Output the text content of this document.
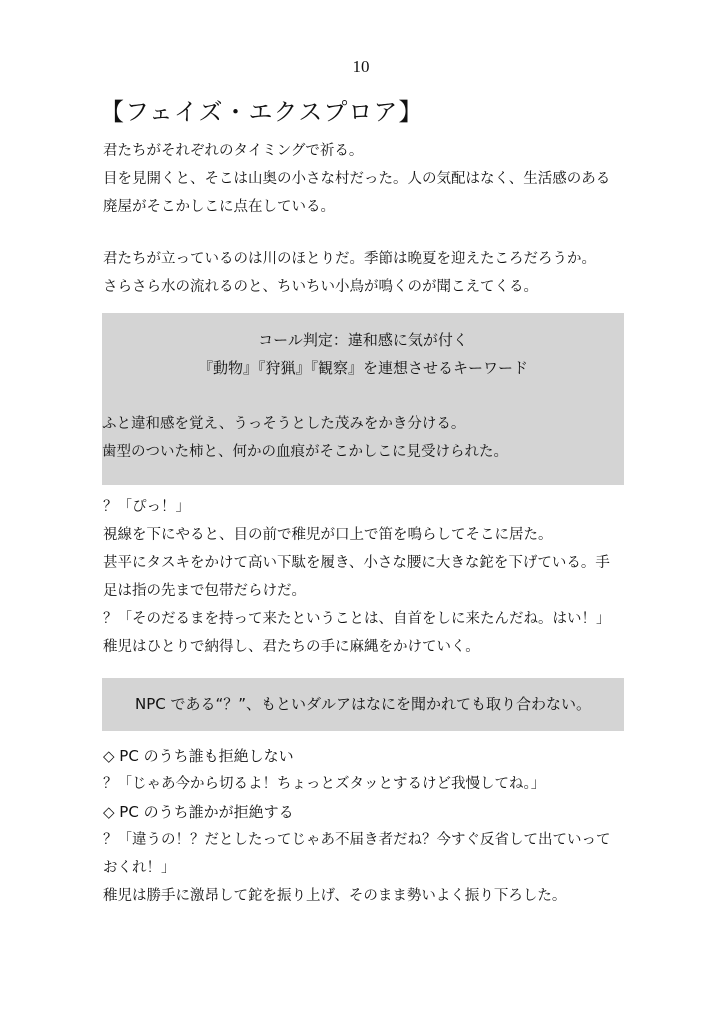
10
【フェイズ・エクスプロア】

君たちがそれぞれのタイミングで祈る。

目を見開くと、そこは山奥の小さな村だった。人の気配はなく、生活感のある

廃屋がそこかしこに点在している。

君たちが立っているのは川のほとりだ。季節は晩夏を迎えたころだろうか。

さらさら水の流れるのと、ちいちい小鳥が鳴くのが聞こえてくる。

コール判定：違和感に気が付く

『動物』『狩猟』『観察』を連想させるキーワード

ふと違和感を覚え、うっそうとした茂みをかき分ける。

歯型のついた柿と、何かの血痕がそこかしこに見受けられた。

？「ぴっ！」

視線を下にやると、目の前で稚児が口上で笛を鳴らしてそこに居た。

甚平にタスキをかけて高い下駄を履き、小さな腰に大きな鉈を下げている。手

足は指の先まで包帯だらけだ。

？「そのだるまを持って来たということは、自首をしに来たんだね。はい！」

稚児はひとりで納得し、君たちの手に麻縄をかけていく。

NPC である“？”、もといダルアはなにを聞かれても取り合わない。

◇ PC のうち誰も拒絶しない

？「じゃあ今から切るよ！ちょっとズタッとするけど我慢してね。」

◇ PC のうち誰かが拒絶する

？「違うの！？だとしたってじゃあ不届き者だね？今すぐ反省して出ていって

おくれ！」

稚児は勝手に激昂して鉈を振り上げ、そのまま勢いよく振り下ろした。
